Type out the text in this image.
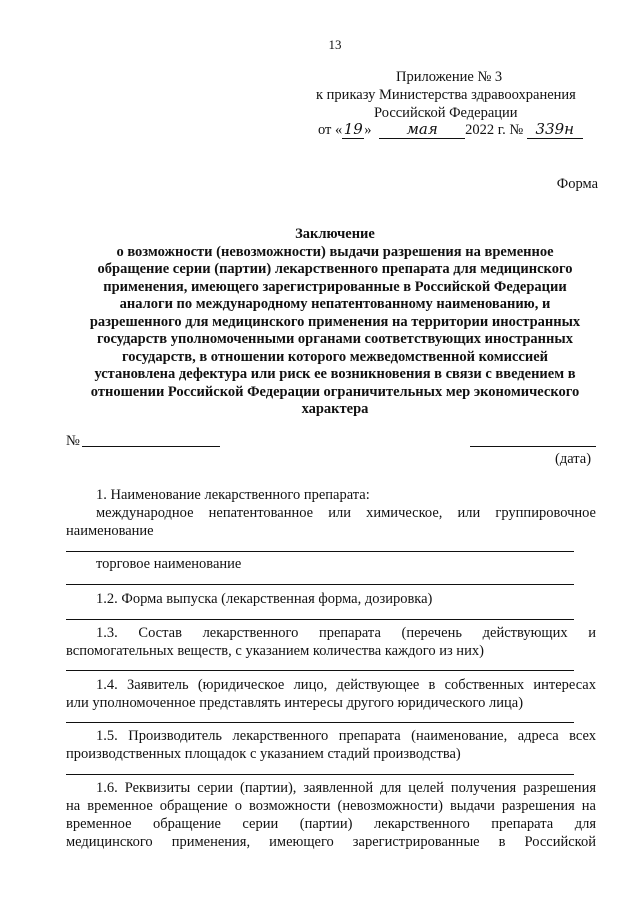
13
Приложение № 3
к приказу Министерства здравоохранения
Российской Федерации
от «19» мая 2022 г. № 339н
Форма
Заключение
о возможности (невозможности) выдачи разрешения на временное
обращение серии (партии) лекарственного препарата для медицинского
применения, имеющего зарегистрированные в Российской Федерации
аналоги по международному непатентованному наименованию, и
разрешенного для медицинского применения на территории иностранных
государств уполномоченными органами соответствующих иностранных
государств, в отношении которого межведомственной комиссией
установлена дефектура или риск ее возникновения в связи с введением в
отношении Российской Федерации ограничительных мер экономического
характера
№
(дата)
1. Наименование лекарственного препарата:
международное непатентованное или химическое, или группировочное
наименование
торговое наименование
1.2. Форма выпуска (лекарственная форма, дозировка)
1.3. Состав лекарственного препарата (перечень действующих и
вспомогательных веществ, с указанием количества каждого из них)
1.4. Заявитель (юридическое лицо, действующее в собственных интересах
или уполномоченное представлять интересы другого юридического лица)
1.5. Производитель лекарственного препарата (наименование, адреса всех
производственных площадок с указанием стадий производства)
1.6. Реквизиты серии (партии), заявленной для целей получения разрешения
на временное обращение о возможности (невозможности) выдачи разрешения на
временное обращение серии (партии) лекарственного препарата для
медицинского применения, имеющего зарегистрированные в Российской
